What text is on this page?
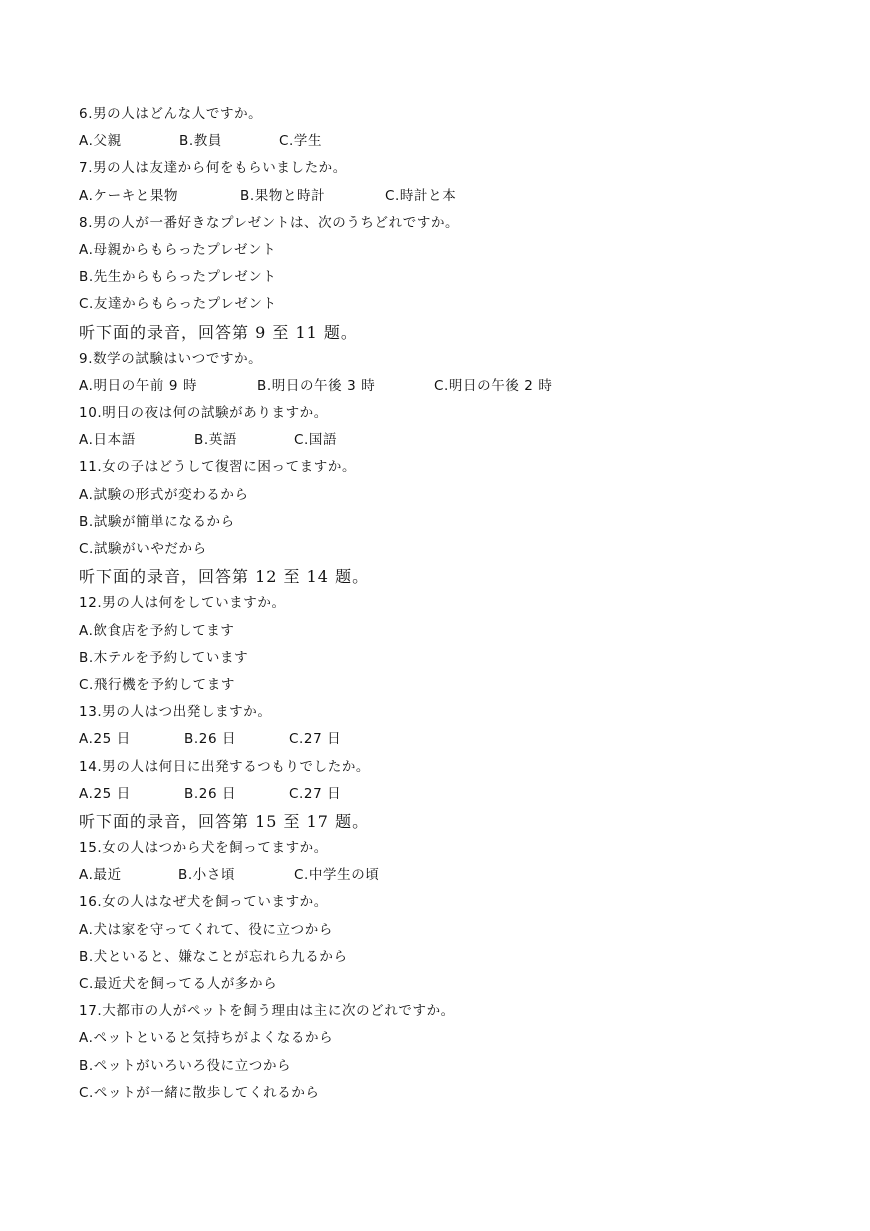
6.男の人はどんな人ですか。
A.父親	B.教員	C.学生
7.男の人は友達から何をもらいましたか。
A.ケーキと果物	B.果物と時計	C.時計と本
8.男の人が一番好きなプレゼントは、次のうちどれですか。
A.母親からもらったプレゼント
B.先生からもらったプレゼント
C.友達からもらったプレゼント
听下面的录音，回答第 9 至 11 题。
9.数学の試験はいつですか。
A.明日の午前 9 時	B.明日の午後 3 時	C.明日の午後 2 時
10.明日の夜は何の試験がありますか。
A.日本語	B.英語	C.国語
11.女の子はどうして復習に困ってますか。
A.試験の形式が変わるから
B.試験が簡単になるから
C.試験がいやだから
听下面的录音，回答第 12 至 14 题。
12.男の人は何をしていますか。
A.飲食店を予約してます
B.木テルを予約しています
C.飛行機を予約してます
13.男の人はつ出発しますか。
A.25 日	B.26 日	C.27 日
14.男の人は何日に出発するつもりでしたか。
A.25 日	B.26 日	C.27 日
听下面的录音，回答第 15 至 17 题。
15.女の人はつから犬を飼ってますか。
A.最近	B.小さ頃	C.中学生の頃
16.女の人はなぜ犬を飼っていますか。
A.犬は家を守ってくれて、役に立つから
B.犬といると、嫌なことが忘れら九るから
C.最近犬を飼ってる人が多から
17.大都市の人がペットを飼う理由は主に次のどれですか。
A.ペットといると気持ちがよくなるから
B.ペットがいろいろ役に立つから
C.ペットが一緒に散歩してくれるから
